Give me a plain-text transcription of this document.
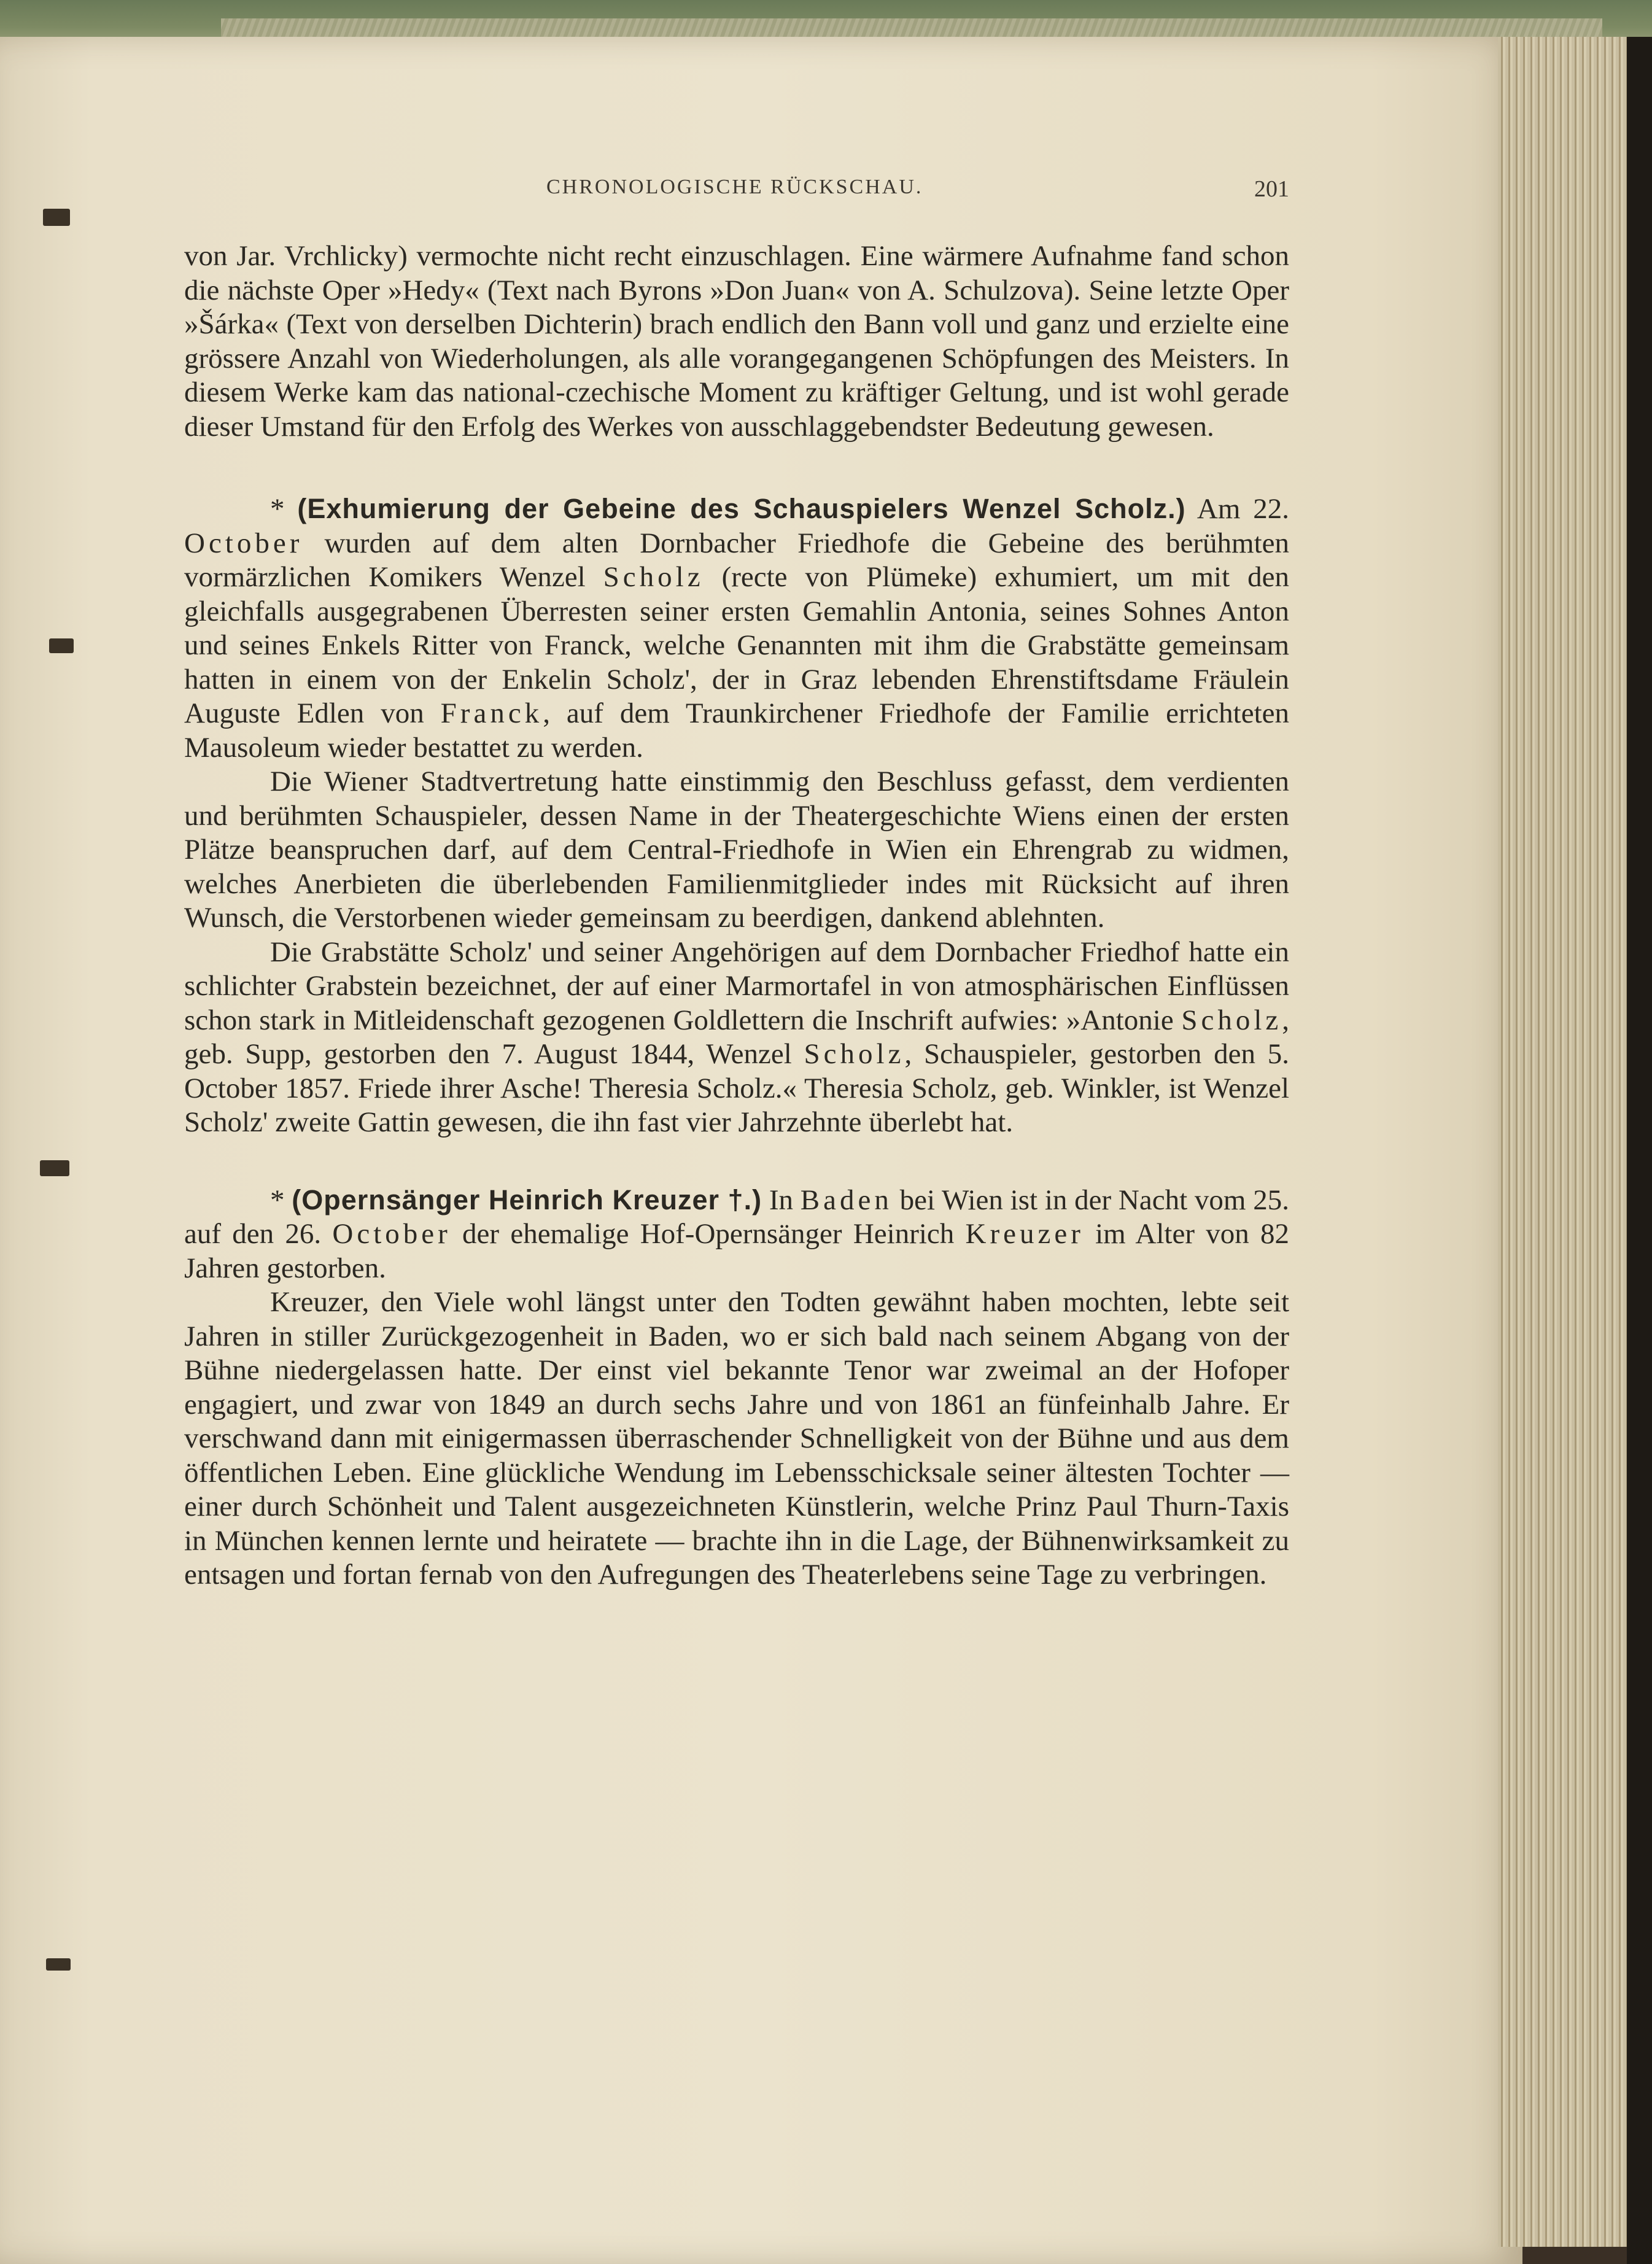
CHRONOLOGISCHE RÜCKSCHAU.	201

von Jar. Vrchlicky) vermochte nicht recht einzuschlagen. Eine wärmere Aufnahme fand schon die nächste Oper »Hedy« (Text nach Byrons »Don Juan« von A. Schulzova). Seine letzte Oper »Šárka« (Text von derselben Dichterin) brach endlich den Bann voll und ganz und erzielte eine grössere Anzahl von Wiederholungen, als alle vorangegangenen Schöpfungen des Meisters. In diesem Werke kam das national-czechische Moment zu kräftiger Geltung, und ist wohl gerade dieser Umstand für den Erfolg des Werkes von ausschlaggebendster Bedeutung gewesen.

* (Exhumierung der Gebeine des Schauspielers Wenzel Scholz.) Am 22. October wurden auf dem alten Dornbacher Friedhofe die Gebeine des berühmten vormärzlichen Komikers Wenzel Scholz (recte von Plümeke) exhumiert, um mit den gleichfalls ausgegrabenen Überresten seiner ersten Gemahlin Antonia, seines Sohnes Anton und seines Enkels Ritter von Franck, welche Genannten mit ihm die Grabstätte gemeinsam hatten in einem von der Enkelin Scholz', der in Graz lebenden Ehrenstiftsdame Fräulein Auguste Edlen von Franck, auf dem Traunkirchener Friedhofe der Familie errichteten Mausoleum wieder bestattet zu werden.

Die Wiener Stadtvertretung hatte einstimmig den Beschluss gefasst, dem verdienten und berühmten Schauspieler, dessen Name in der Theatergeschichte Wiens einen der ersten Plätze beanspruchen darf, auf dem Central-Friedhofe in Wien ein Ehrengrab zu widmen, welches Anerbieten die überlebenden Familienmitglieder indes mit Rücksicht auf ihren Wunsch, die Verstorbenen wieder gemeinsam zu beerdigen, dankend ablehnten.

Die Grabstätte Scholz' und seiner Angehörigen auf dem Dornbacher Friedhof hatte ein schlichter Grabstein bezeichnet, der auf einer Marmortafel in von atmosphärischen Einflüssen schon stark in Mitleidenschaft gezogenen Goldlettern die Inschrift aufwies: »Antonie Scholz, geb. Supp, gestorben den 7. August 1844, Wenzel Scholz, Schauspieler, gestorben den 5. October 1857. Friede ihrer Asche! Theresia Scholz.« Theresia Scholz, geb. Winkler, ist Wenzel Scholz' zweite Gattin gewesen, die ihn fast vier Jahrzehnte überlebt hat.

* (Opernsänger Heinrich Kreuzer †.) In Baden bei Wien ist in der Nacht vom 25. auf den 26. October der ehemalige Hof-Opernsänger Heinrich Kreuzer im Alter von 82 Jahren gestorben.

Kreuzer, den Viele wohl längst unter den Todten gewähnt haben mochten, lebte seit Jahren in stiller Zurückgezogenheit in Baden, wo er sich bald nach seinem Abgang von der Bühne niedergelassen hatte. Der einst viel bekannte Tenor war zweimal an der Hofoper engagiert, und zwar von 1849 an durch sechs Jahre und von 1861 an fünfeinhalb Jahre. Er verschwand dann mit einigermassen überraschender Schnelligkeit von der Bühne und aus dem öffentlichen Leben. Eine glückliche Wendung im Lebensschicksale seiner ältesten Tochter — einer durch Schönheit und Talent ausgezeichneten Künstlerin, welche Prinz Paul Thurn-Taxis in München kennen lernte und heiratete — brachte ihn in die Lage, der Bühnenwirksamkeit zu entsagen und fortan fernab von den Aufregungen des Theaterlebens seine Tage zu verbringen.
